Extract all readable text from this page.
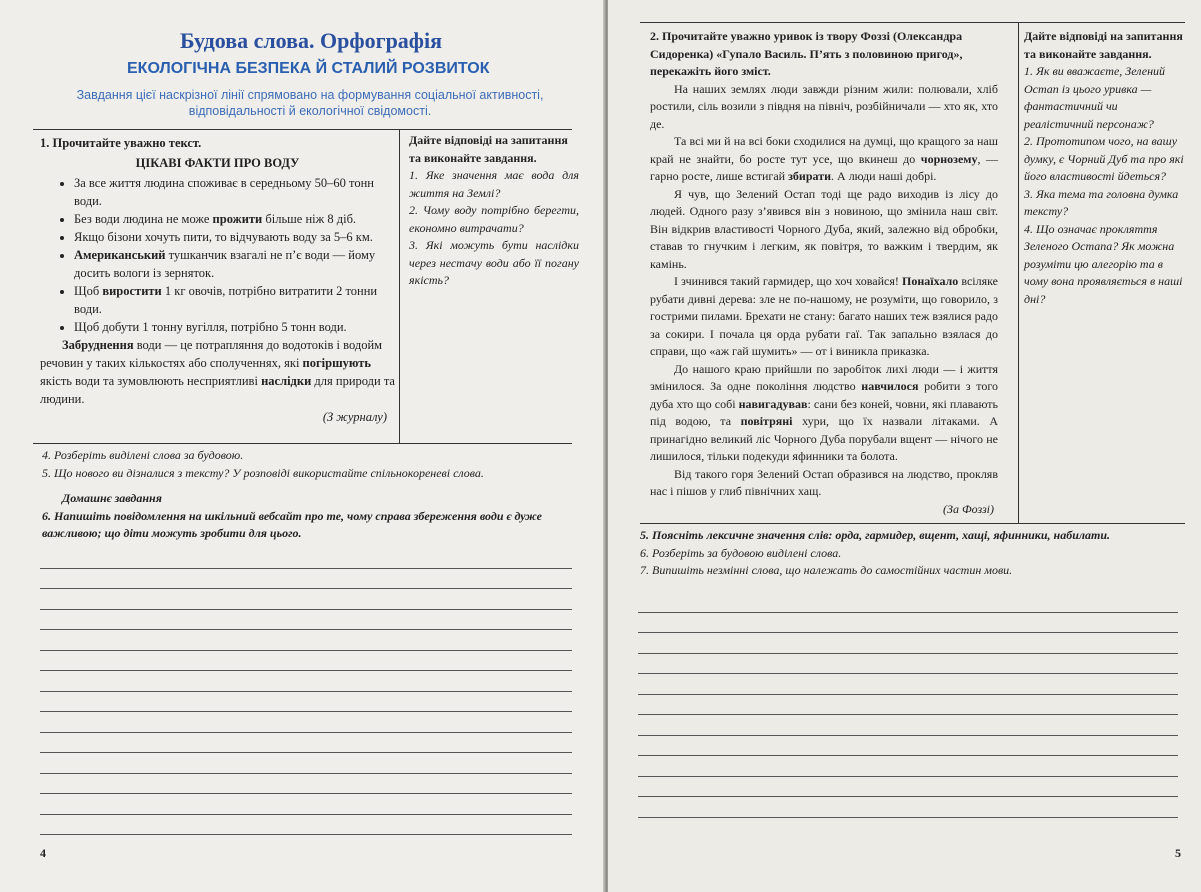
Будова слова. Орфографія
ЕКОЛОГІЧНА БЕЗПЕКА Й СТАЛИЙ РОЗВИТОК
Завдання цієї наскрізної лінії спрямовано на формування соціальної активності,
відповідальності й екологічної свідомості.
1. Прочитайте уважно текст.
ЦІКАВІ ФАКТИ ПРО ВОДУ
• За все життя людина споживає в середньому 50–60 тонн води.
• Без води людина не може прожити більше ніж 8 діб.
• Якщо бізони хочуть пити, то відчувають воду за 5–6 км.
• Американський тушканчик взагалі не п’є води — йому досить вологи із зерняток.
• Щоб виростити 1 кг овочів, потрібно витратити 2 тонни води.
• Щоб добути 1 тонну вугілля, потрібно 5 тонн води.
Забруднення води — це потрапляння до водотоків і водойм речовин у таких кількостях або сполученнях, які погіршують якість води та зумовлюють несприятливі наслідки для природи та людини.
(З журналу)
Дайте відповіді на запитання та виконайте завдання.
1. Яке значення має вода для життя на Землі?
2. Чому воду потрібно берегти, економно витрачати?
3. Які можуть бути наслідки через нестачу води або її погану якість?
4. Розберіть виділені слова за будовою.
5. Що нового ви дізналися з тексту? У розповіді використайте спільнокореневі слова.
Домашнє завдання
6. Напишіть повідомлення на шкільний вебсайт про те, чому справа збереження води є дуже важливою; що діти можуть зробити для цього.
4
2. Прочитайте уважно уривок із твору Фоззі (Олександра Сидоренка) «Гупало Василь. П’ять з половиною пригод», перекажіть його зміст.
На наших землях люди завжди різним жили: полювали, хліб ростили, сіль возили з півдня на північ, розбійничали — хто як, хто де.
Та всі ми й на всі боки сходилися на думці, що кращого за наш край не знайти, бо росте тут усе, що вкинеш до чорнозему, — гарно росте, лише встигай збирати. А люди наші добрі.
Я чув, що Зелений Остап тоді ще радо виходив із лісу до людей. Одного разу з’явився він з новиною, що змінила наш світ. Він відкрив властивості Чорного Дуба, який, залежно від обробки, ставав то гнучким і легким, як повітря, то важким і твердим, як камінь.
І зчинився такий гармидер, що хоч ховайся! Понаїхало всіляке рубати дивні дерева: зле не по-нашому, не розуміти, що говорило, з гострими пилами. Брехати не стану: багато наших теж взялися радо за сокири. І почала ця орда рубати гаї. Так запально взялася до справи, що «аж гай шумить» — от і виникла приказка.
До нашого краю прийшли по заробіток лихі люди — і життя змінилося. За одне покоління людство навчилося робити з того дуба хто що собі навигадував: сани без коней, човни, які плавають під водою, та повітряні хури, що їх назвали літаками. А принагідно великий ліс Чорного Дуба порубали вщент — нічого не лишилося, тільки подекуди яфинники та болота.
Від такого горя Зелений Остап образився на людство, прокляв нас і пішов у глиб північних хащ.
(За Фоззі)
Дайте відповіді на запитання та виконайте завдання.
1. Як ви вважаєте, Зелений Остап із цього уривка — фантастичний чи реалістичний персонаж?
2. Прототипом чого, на вашу думку, є Чорний Дуб та про які його властивості йдеться?
3. Яка тема та головна думка тексту?
4. Що означає прокляття Зеленого Остапа? Як можна розуміти цю алегорію та в чому вона проявляється в наші дні?
5. Поясніть лексичне значення слів: орда, гармидер, вщент, хащі, яфинники, набилати.
6. Розберіть за будовою виділені слова.
7. Випишіть незмінні слова, що належать до самостійних частин мови.
5
